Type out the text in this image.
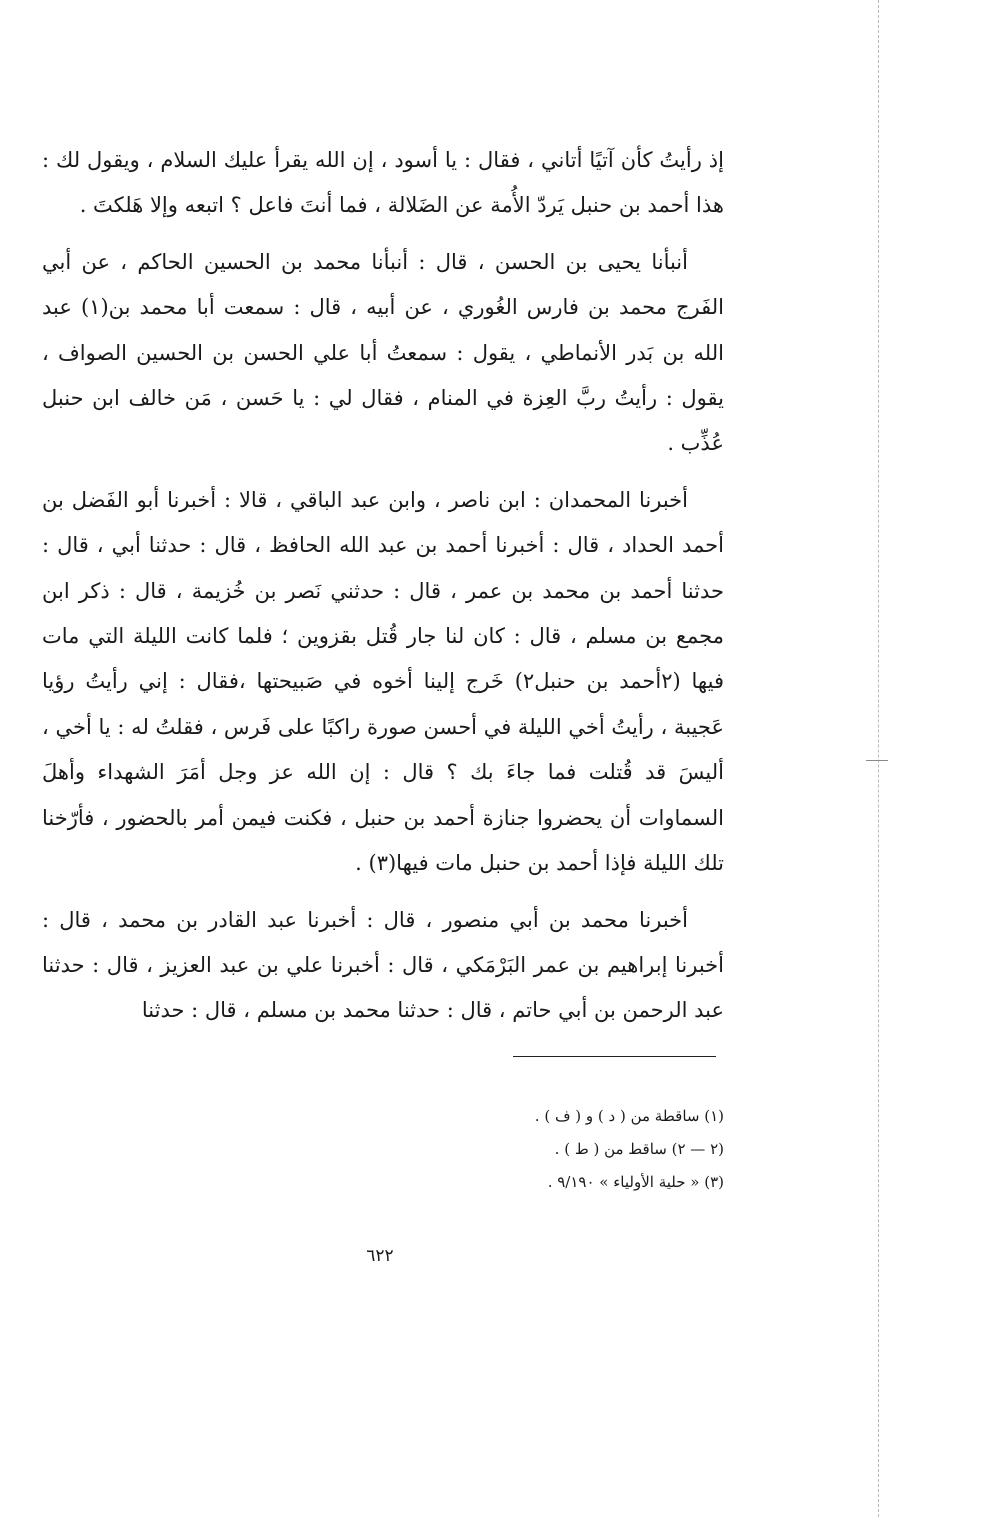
إذ رأيتُ كأن آتيًا أتاني ، فقال : يا أسود ، إن الله يقرأ عليك السلام ، ويقول لك : هذا أحمد بن حنبل يَردّ الأُمة عن الضَلالة ، فما أنتَ فاعل ؟ اتبعه وإلا هَلكتَ .

أنبأنا يحيى بن الحسن ، قال : أنبأنا محمد بن الحسين الحاكم ، عن أبي الفَرج محمد بن فارس الغُوري ، عن أبيه ، قال : سمعت أبا محمد بن(١) عبد الله بن بَدر الأنماطي ، يقول : سمعتُ أبا علي الحسن بن الحسين الصواف ، يقول : رأيتُ ربَّ العِزة في المنام ، فقال لي : يا حَسن ، مَن خالف ابن حنبل عُذِّب .

أخبرنا المحمدان : ابن ناصر ، وابن عبد الباقي ، قالا : أخبرنا أبو الفَضل بن أحمد الحداد ، قال : أخبرنا أحمد بن عبد الله الحافظ ، قال : حدثنا أبي ، قال : حدثنا أحمد بن محمد بن عمر ، قال : حدثني نَصر بن خُزيمة ، قال : ذكر ابن مجمع بن مسلم ، قال : كان لنا جار قُتل بقزوين ؛ فلما كانت الليلة التي مات فيها (٢أحمد بن حنبل٢) خَرج إلينا أخوه في صَبيحتها ،فقال : إني رأيتُ رؤيا عَجيبة ، رأيتُ أخي الليلة في أحسن صورة راكبًا على فَرس ، فقلتُ له : يا أخي ، أليسَ قد قُتلت فما جاءَ بك ؟ قال : إن الله عز وجل أمَرَ الشهداء وأهلَ السماوات أن يحضروا جنازة أحمد بن حنبل ، فكنت فيمن أمر بالحضور ، فأرّخنا تلك الليلة فإذا أحمد بن حنبل مات فيها(٣) .

أخبرنا محمد بن أبي منصور ، قال : أخبرنا عبد القادر بن محمد ، قال : أخبرنا إبراهيم بن عمر البَرْمَكي ، قال : أخبرنا علي بن عبد العزيز ، قال : حدثنا عبد الرحمن بن أبي حاتم ، قال : حدثنا محمد بن مسلم ، قال : حدثنا

(١) ساقطة من ( د ) و ( ف ) .

(٢ — ٢) ساقط من ( ط ) .

(٣) « حلية الأولياء » ٩/١٩٠ .

٦٢٢
